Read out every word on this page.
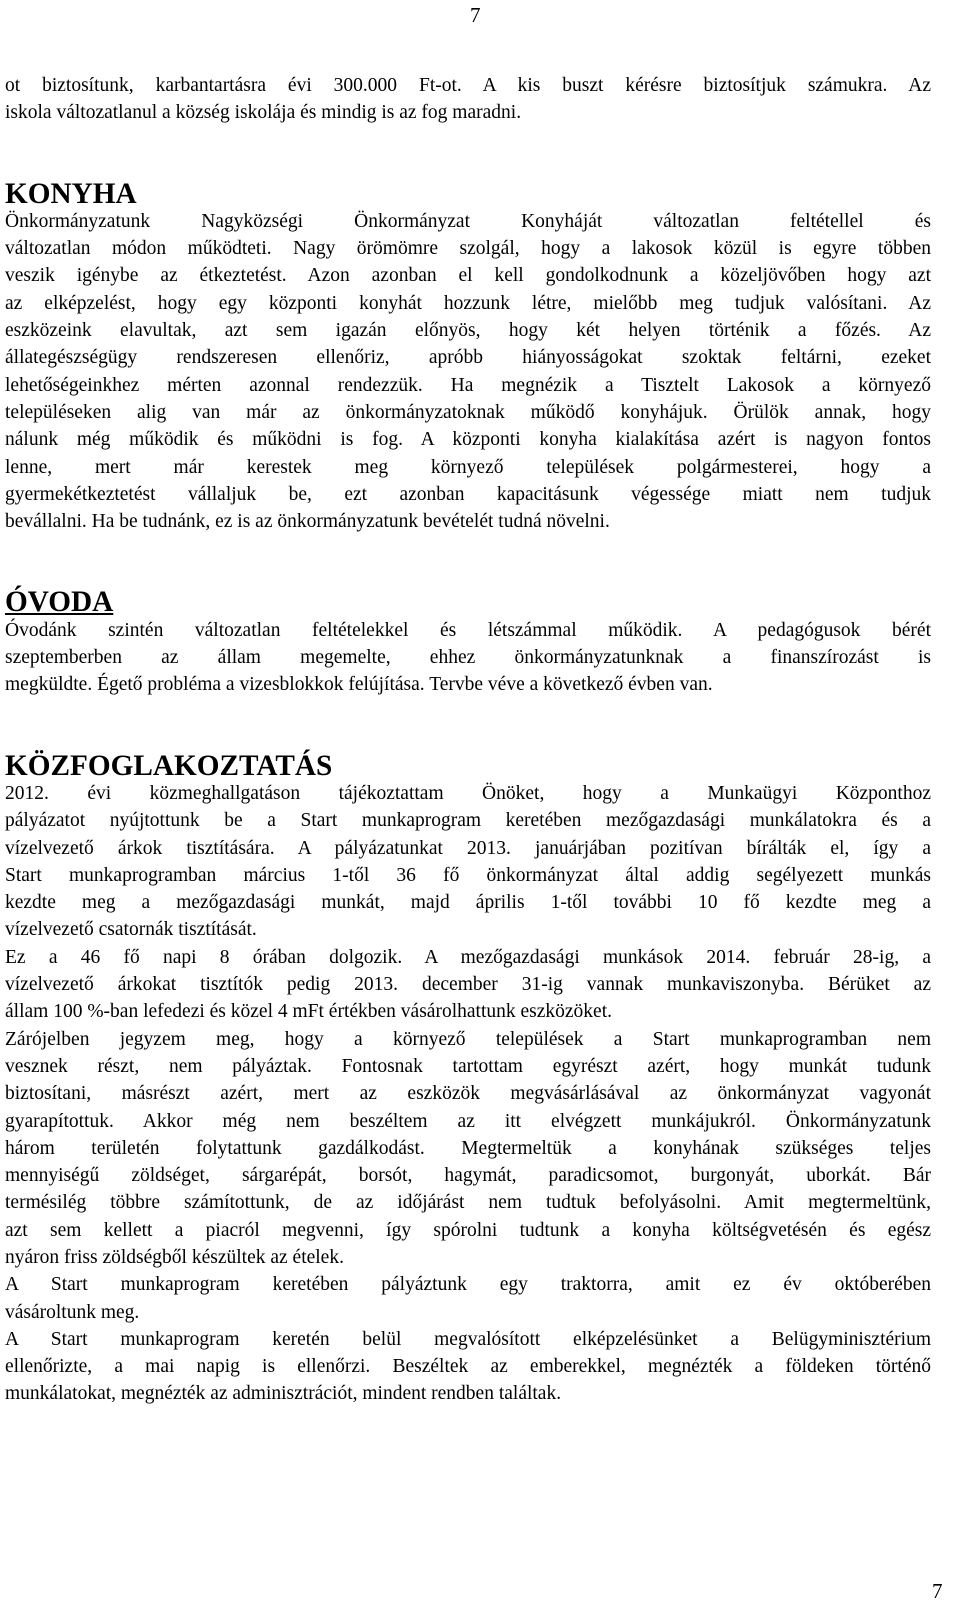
7

ot biztosítunk, karbantartásra évi 300.000 Ft-ot. A kis buszt kérésre biztosítjuk számukra. Az
iskola változatlanul a község iskolája és mindig is az fog maradni.

KONYHA

Önkormányzatunk Nagyközségi Önkormányzat Konyháját változatlan feltétellel és
változatlan módon működteti. Nagy örömömre szolgál, hogy a lakosok közül is egyre többen
veszik igénybe az étkeztetést. Azon azonban el kell gondolkodnunk a közeljövőben hogy azt
az elképzelést, hogy egy központi konyhát hozzunk létre, mielőbb meg tudjuk valósítani. Az
eszközeink elavultak, azt sem igazán előnyös, hogy két helyen történik a főzés. Az
állategészségügy rendszeresen ellenőriz, apróbb hiányosságokat szoktak feltárni, ezeket
lehetőségeinkhez mérten azonnal rendezzük. Ha megnézik a Tisztelt Lakosok a környező
településeken alig van már az önkormányzatoknak működő konyhájuk. Örülök annak, hogy
nálunk még működik és működni is fog. A központi konyha kialakítása azért is nagyon fontos
lenne, mert már kerestek meg környező települések polgármesterei, hogy a
gyermekétkeztetést vállaljuk be, ezt azonban kapacitásunk végessége miatt nem tudjuk
bevállalni. Ha be tudnánk, ez is az önkormányzatunk bevételét tudná növelni.

ÓVODA

Óvodánk szintén változatlan feltételekkel és létszámmal működik. A pedagógusok bérét
szeptemberben az állam megemelte, ehhez önkormányzatunknak a finanszírozást is
megküldte. Égető probléma a vizesblokkok felújítása. Tervbe véve a következő évben van.

KÖZFOGLAKOZTATÁS

2012. évi közmeghallgatáson tájékoztattam Önöket, hogy a Munkaügyi Központhoz
pályázatot nyújtottunk be a Start munkaprogram keretében mezőgazdasági munkálatokra és a
vízelvezető árkok tisztítására. A pályázatunkat 2013. januárjában pozitívan bírálták el, így a
Start munkaprogramban március 1-től 36 fő önkormányzat által addig segélyezett munkás
kezdte meg a mezőgazdasági munkát, majd április 1-től további 10 fő kezdte meg a
vízelvezető csatornák tisztítását.

Ez a 46 fő napi 8 órában dolgozik. A mezőgazdasági munkások 2014. február 28-ig, a
vízelvezető árkokat tisztítók pedig 2013. december 31-ig vannak munkaviszonyba. Bérüket az
állam 100 %-ban lefedezi és közel 4 mFt értékben vásárolhattunk eszközöket.

Zárójelben jegyzem meg, hogy a környező települések a Start munkaprogramban nem
vesznek részt, nem pályáztak. Fontosnak tartottam egyrészt azért, hogy munkát tudunk
biztosítani, másrészt azért, mert az eszközök megvásárlásával az önkormányzat vagyonát
gyarapítottuk. Akkor még nem beszéltem az itt elvégzett munkájukról. Önkormányzatunk
három területén folytattunk gazdálkodást. Megtermeltük a konyhának szükséges teljes
mennyiségű zöldséget, sárgarépát, borsót, hagymát, paradicsomot, burgonyát, uborkát. Bár
termésilég többre számítottunk, de az időjárást nem tudtuk befolyásolni. Amit megtermeltünk,
azt sem kellett a piacról megvenni, így spórolni tudtunk a konyha költségvetésén és egész
nyáron friss zöldségből készültek az ételek.

A Start munkaprogram keretében pályáztunk egy traktorra, amit ez év októberében
vásároltunk meg.

A Start munkaprogram keretén belül megvalósított elképzelésünket a Belügyminisztérium
ellenőrizte, a mai napig is ellenőrzi. Beszéltek az emberekkel, megnézték a földeken történő
munkálatokat, megnézték az adminisztrációt, mindent rendben találtak.

7
